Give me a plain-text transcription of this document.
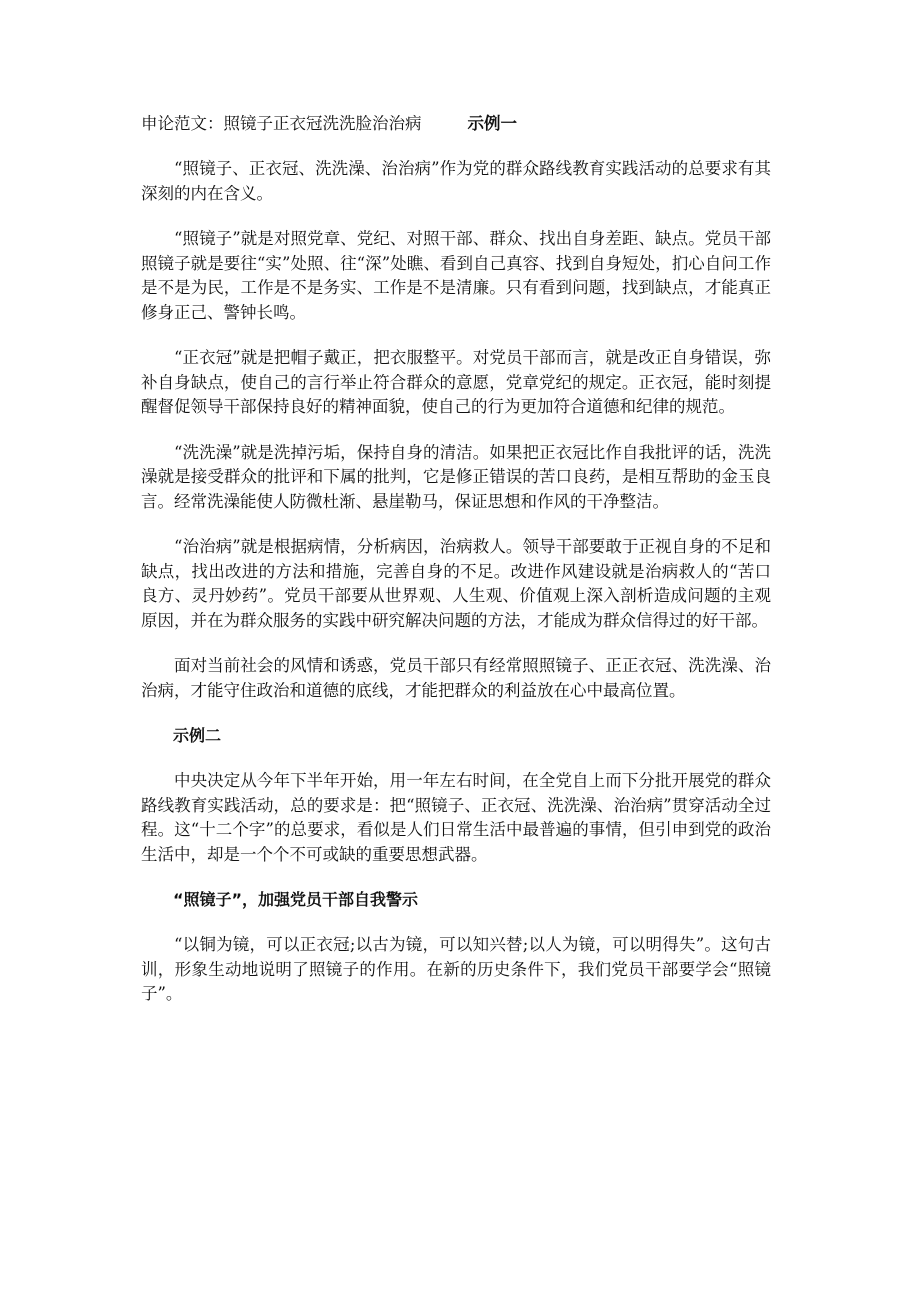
申论范文：照镜子正衣冠洗洗脸治治病	示例一

“照镜子、正衣冠、洗洗澡、治治病”作为党的群众路线教育实践活动的总要求有其深刻的内在含义。

“照镜子”就是对照党章、党纪、对照干部、群众、找出自身差距、缺点。党员干部照镜子就是要往“实”处照、往“深”处瞧、看到自己真容、找到自身短处，扪心自问工作是不是为民，工作是不是务实、工作是不是清廉。只有看到问题，找到缺点，才能真正修身正己、警钟长鸣。

“正衣冠”就是把帽子戴正，把衣服整平。对党员干部而言，就是改正自身错误，弥补自身缺点，使自己的言行举止符合群众的意愿，党章党纪的规定。正衣冠，能时刻提醒督促领导干部保持良好的精神面貌，使自己的行为更加符合道德和纪律的规范。

“洗洗澡”就是洗掉污垢，保持自身的清洁。如果把正衣冠比作自我批评的话，洗洗澡就是接受群众的批评和下属的批判，它是修正错误的苦口良药，是相互帮助的金玉良言。经常洗澡能使人防微杜渐、悬崖勒马，保证思想和作风的干净整洁。

“治治病”就是根据病情，分析病因，治病救人。领导干部要敢于正视自身的不足和缺点，找出改进的方法和措施，完善自身的不足。改进作风建设就是治病救人的“苦口良方、灵丹妙药”。党员干部要从世界观、人生观、价值观上深入剖析造成问题的主观原因，并在为群众服务的实践中研究解决问题的方法，才能成为群众信得过的好干部。

面对当前社会的风情和诱惑，党员干部只有经常照照镜子、正正衣冠、洗洗澡、治治病，才能守住政治和道德的底线，才能把群众的利益放在心中最高位置。

示例二

中央决定从今年下半年开始，用一年左右时间，在全党自上而下分批开展党的群众路线教育实践活动，总的要求是：把“照镜子、正衣冠、洗洗澡、治治病”贯穿活动全过程。这“十二个字”的总要求，看似是人们日常生活中最普遍的事情，但引申到党的政治生活中，却是一个个不可或缺的重要思想武器。

“照镜子”，加强党员干部自我警示

“以铜为镜，可以正衣冠;以古为镜，可以知兴替;以人为镜，可以明得失”。这句古训，形象生动地说明了照镜子的作用。在新的历史条件下，我们党员干部要学会“照镜子”。
